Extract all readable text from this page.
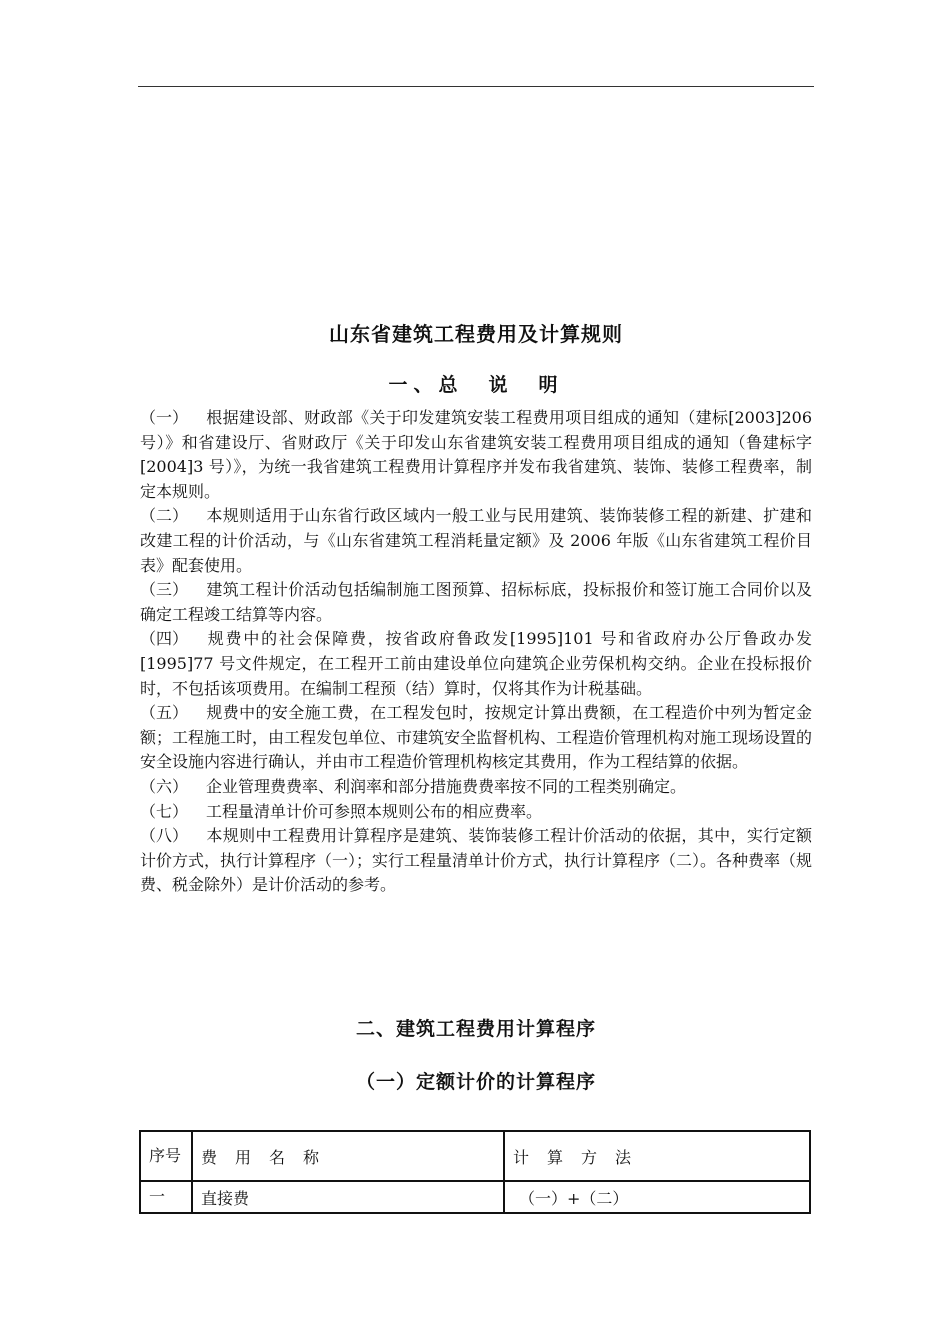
山东省建筑工程费用及计算规则
一、总　说　明

（一） 根据建设部、财政部《关于印发建筑安装工程费用项目组成的通知（建标[2003]206 号）》和省建设厅、省财政厅《关于印发山东省建筑安装工程费用项目组成的通知（鲁建标字[2004]3 号）》，为统一我省建筑工程费用计算程序并发布我省建筑、装饰、装修工程费率，制定本规则。

（二） 本规则适用于山东省行政区域内一般工业与民用建筑、装饰装修工程的新建、扩建和改建工程的计价活动，与《山东省建筑工程消耗量定额》及 2006 年版《山东省建筑工程价目表》配套使用。

（三） 建筑工程计价活动包括编制施工图预算、招标标底，投标报价和签订施工合同价以及确定工程竣工结算等内容。

（四） 规费中的社会保障费，按省政府鲁政发[1995]101 号和省政府办公厅鲁政办发[1995]77 号文件规定，在工程开工前由建设单位向建筑企业劳保机构交纳。企业在投标报价时，不包括该项费用。在编制工程预（结）算时，仅将其作为计税基础。

（五） 规费中的安全施工费，在工程发包时，按规定计算出费额，在工程造价中列为暂定金额；工程施工时，由工程发包单位、市建筑安全监督机构、工程造价管理机构对施工现场设置的安全设施内容进行确认，并由市工程造价管理机构核定其费用，作为工程结算的依据。

（六） 企业管理费费率、利润率和部分措施费费率按不同的工程类别确定。

（七） 工程量清单计价可参照本规则公布的相应费率。

（八） 本规则中工程费用计算程序是建筑、装饰装修工程计价活动的依据，其中，实行定额计价方式，执行计算程序（一）；实行工程量清单计价方式，执行计算程序（二）。各种费率（规费、税金除外）是计价活动的参考。

二、建筑工程费用计算程序
（一）定额计价的计算程序
序号	费用名称	计算方法
一	直接费	（一）+（二）
